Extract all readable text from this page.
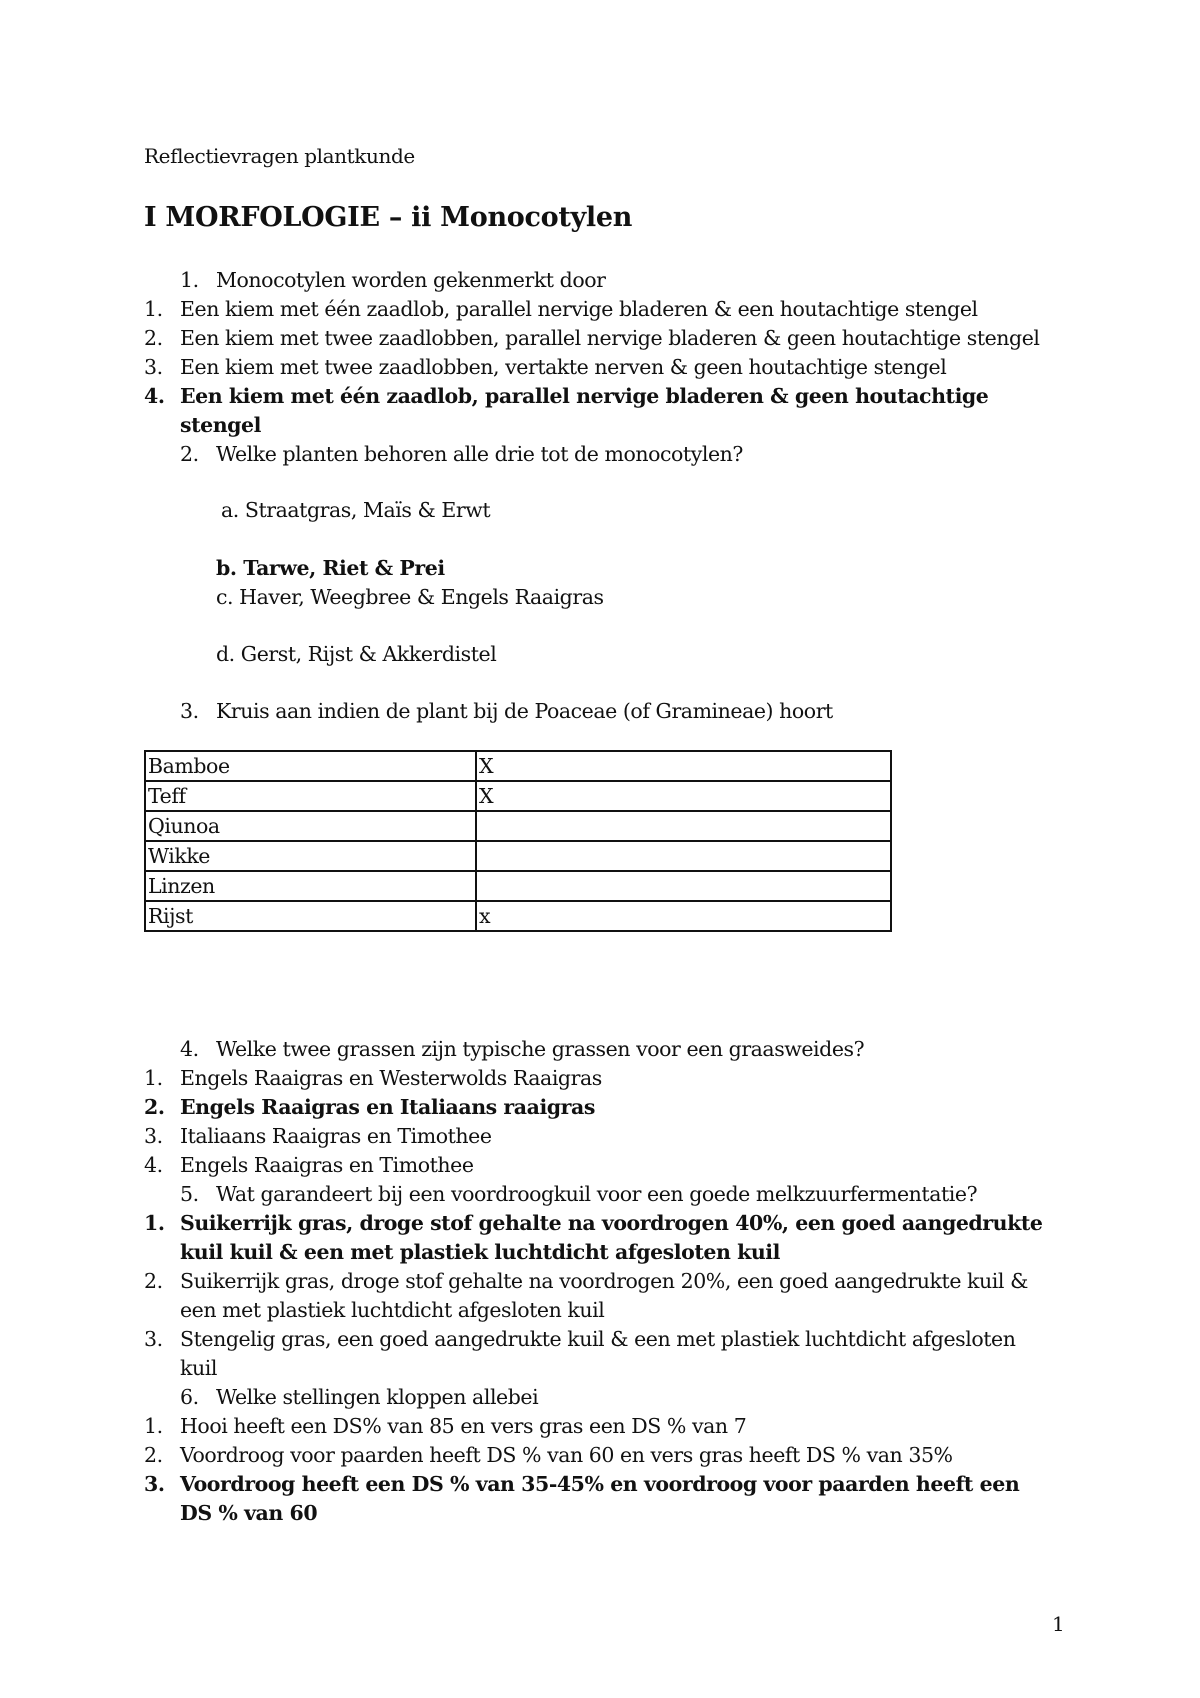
Reflectievragen plantkunde
I MORFOLOGIE – ii Monocotylen
1. Monocotylen worden gekenmerkt door
1. Een kiem met één zaadlob, parallel nervige bladeren & een houtachtige stengel
2. Een kiem met twee zaadlobben, parallel nervige bladeren & geen houtachtige stengel
3. Een kiem met twee zaadlobben, vertakte nerven & geen houtachtige stengel
4. Een kiem met één zaadlob, parallel nervige bladeren & geen houtachtige
stengel
2. Welke planten behoren alle drie tot de monocotylen?
a. Straatgras, Maïs & Erwt
b. Tarwe, Riet & Prei
c. Haver, Weegbree & Engels Raaigras
d. Gerst, Rijst & Akkerdistel
3. Kruis aan indien de plant bij de Poaceae (of Gramineae) hoort
Bamboe	X
Teff	X
Qiunoa	
Wikke	
Linzen	
Rijst	x
4. Welke twee grassen zijn typische grassen voor een graasweides?
1. Engels Raaigras en Westerwolds Raaigras
2. Engels Raaigras en Italiaans raaigras
3. Italiaans Raaigras en Timothee
4. Engels Raaigras en Timothee
5. Wat garandeert bij een voordroogkuil voor een goede melkzuurfermentatie?
1. Suikerrijk gras, droge stof gehalte na voordrogen 40%, een goed aangedrukte
kuil kuil & een met plastiek luchtdicht afgesloten kuil
2. Suikerrijk gras, droge stof gehalte na voordrogen 20%, een goed aangedrukte kuil &
een met plastiek luchtdicht afgesloten kuil
3. Stengelig gras, een goed aangedrukte kuil & een met plastiek luchtdicht afgesloten
kuil
6. Welke stellingen kloppen allebei
1. Hooi heeft een DS% van 85 en vers gras een DS % van 7
2. Voordroog voor paarden heeft DS % van 60 en vers gras heeft DS % van 35%
3. Voordroog heeft een DS % van 35-45% en voordroog voor paarden heeft een
DS % van 60
1
